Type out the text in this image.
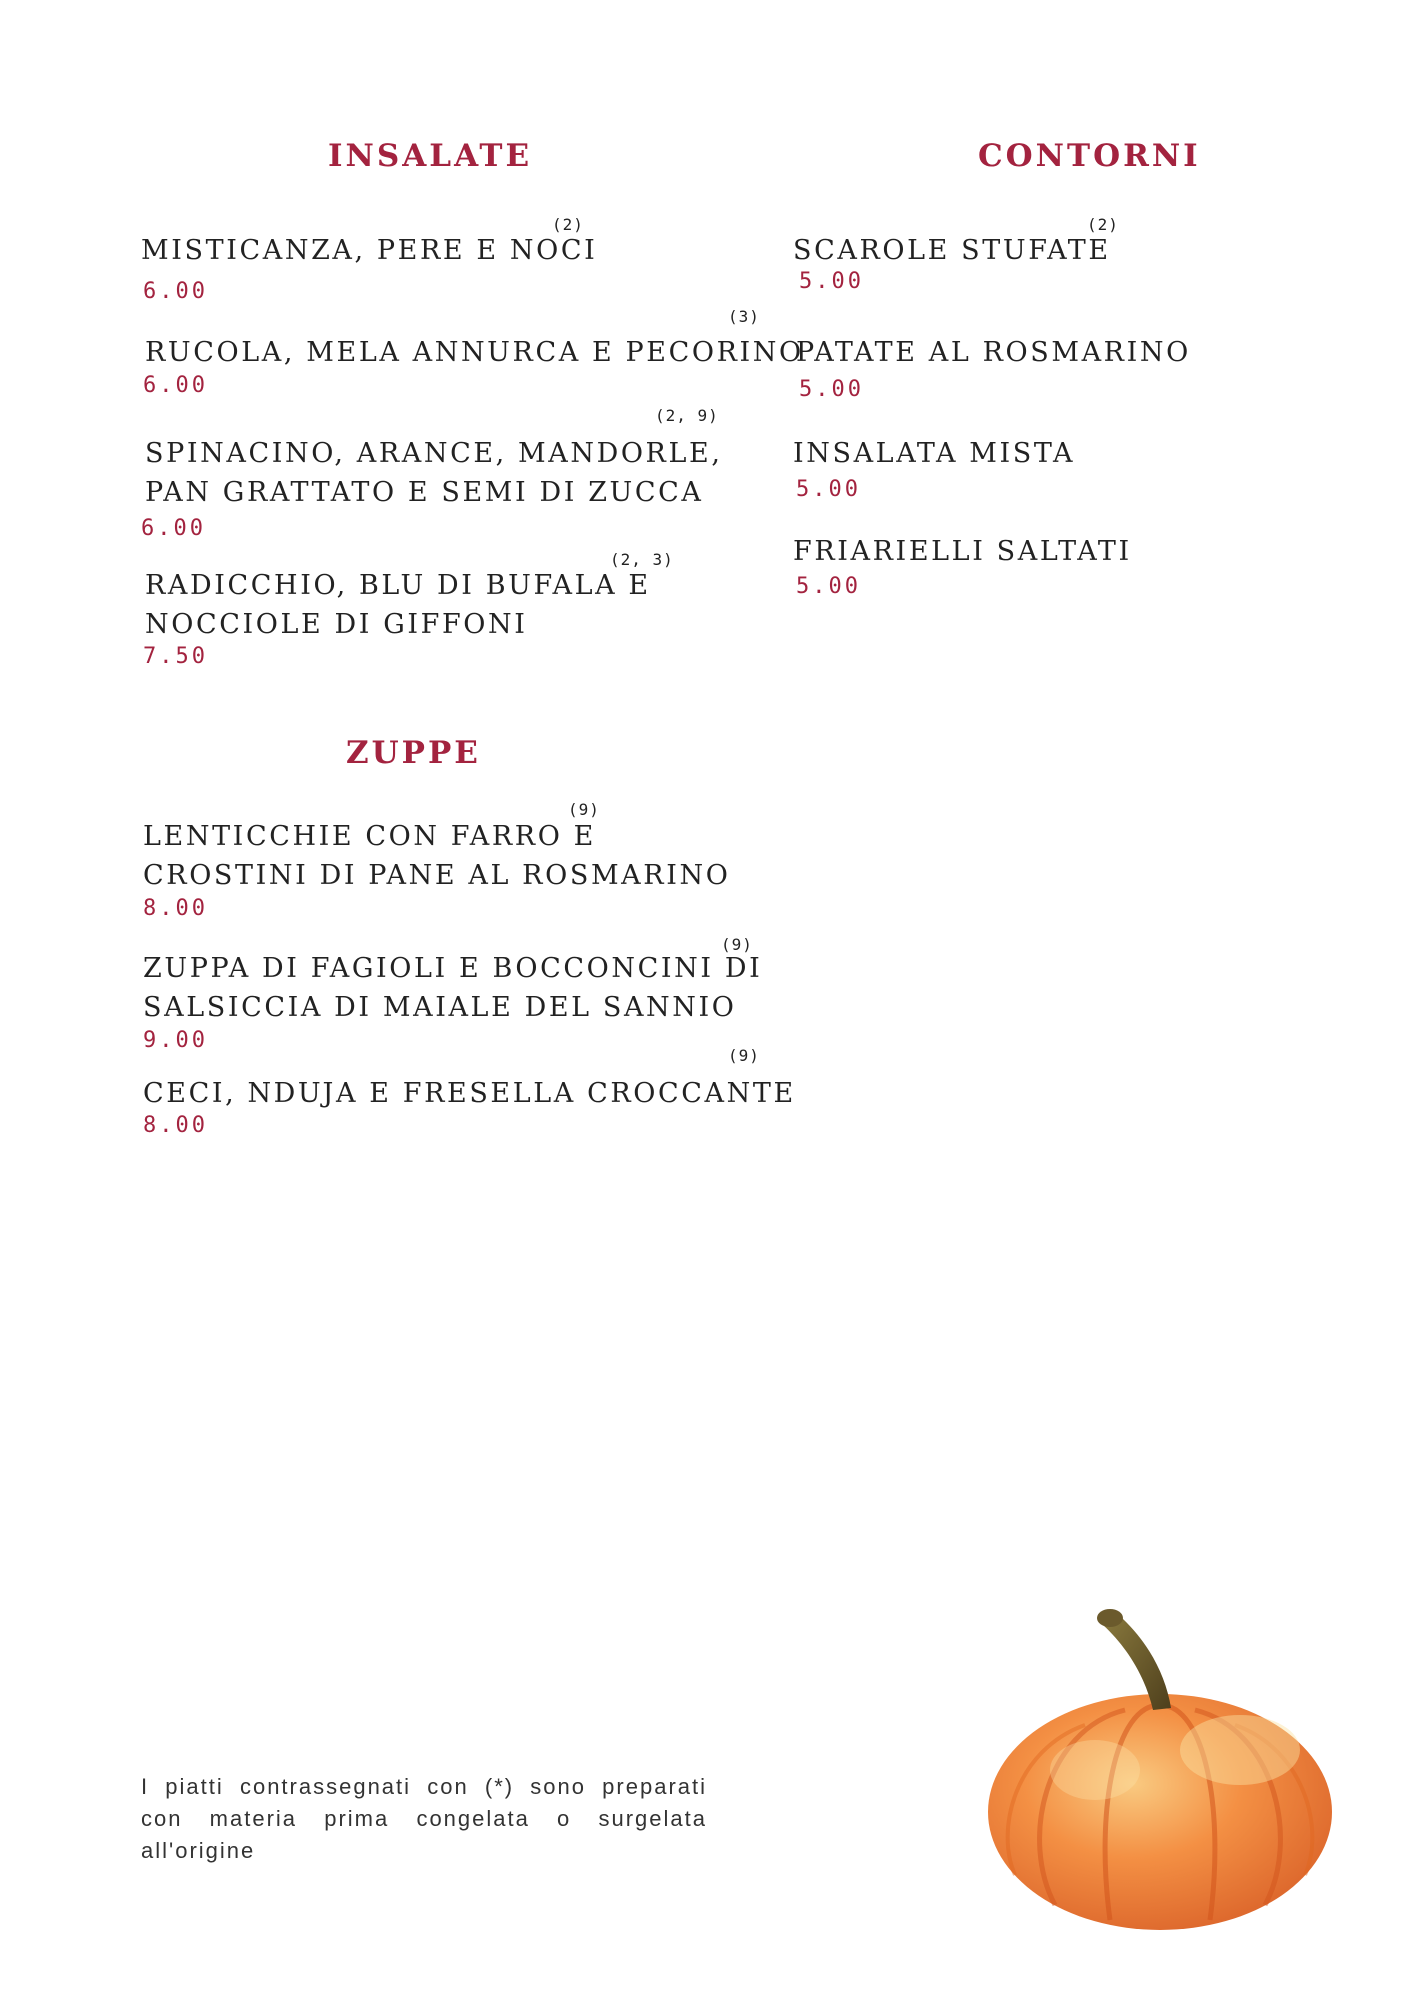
INSALATE
MISTICANZA, PERE E NOCI
(2)
6.00
RUCOLA, MELA ANNURCA E PECORINO
(3)
6.00
SPINACINO, ARANCE, MANDORLE,
PAN GRATTATO E SEMI DI ZUCCA
(2, 9)
6.00
RADICCHIO, BLU DI BUFALA E
NOCCIOLE DI GIFFONI
(2, 3)
7.50
CONTORNI
SCAROLE STUFATE
(2)
5.00
PATATE AL ROSMARINO
5.00
INSALATA MISTA
5.00
FRIARIELLI SALTATI
5.00
ZUPPE
LENTICCHIE CON FARRO E
CROSTINI DI PANE AL ROSMARINO
(9)
8.00
ZUPPA DI FAGIOLI E BOCCONCINI DI
SALSICCIA DI MAIALE DEL SANNIO
(9)
9.00
CECI, NDUJA E FRESELLA CROCCANTE
(9)
8.00

I piatti contrassegnati con (*) sono preparati con materia prima congelata o surgelata all'origine
